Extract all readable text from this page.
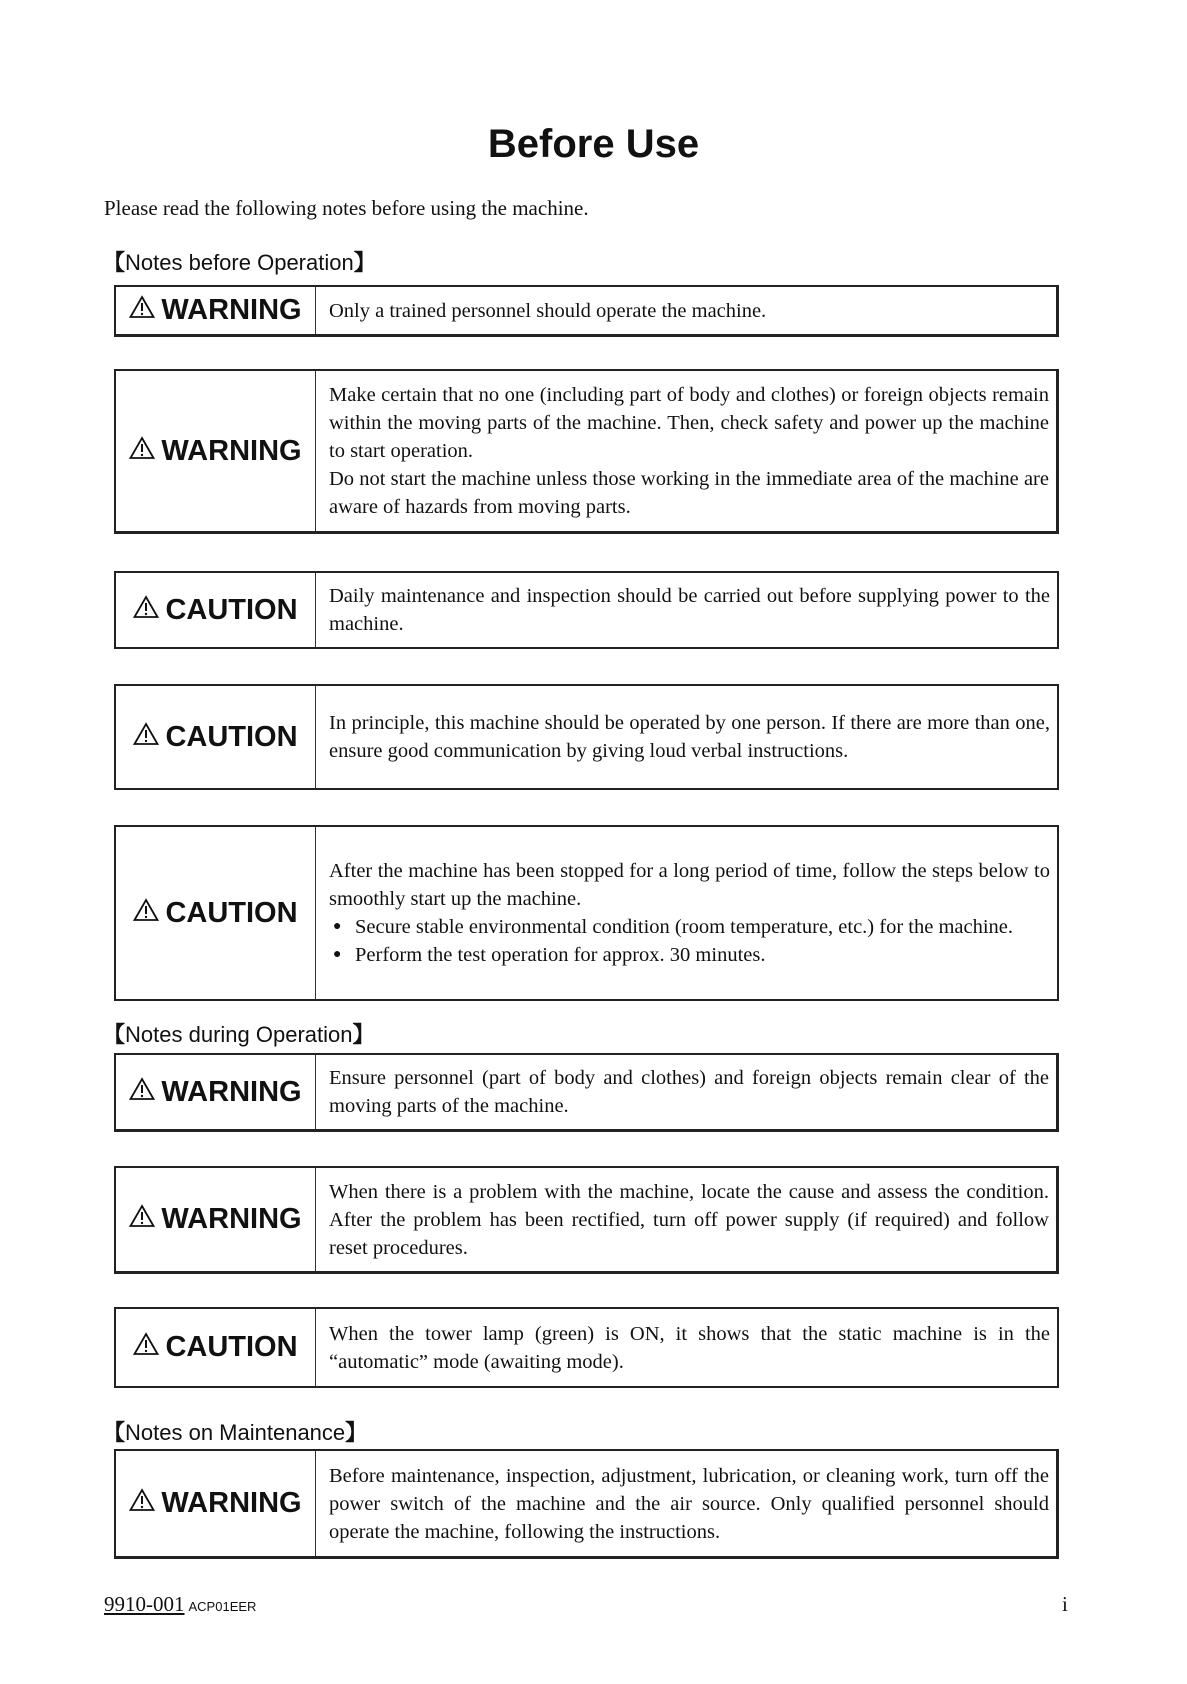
Before Use
Please read the following notes before using the machine.
【Notes before Operation】
WARNING Only a trained personnel should operate the machine.

WARNING

Make certain that no one (including part of body and clothes) or foreign objects remain within the moving parts of the machine. Then, check safety and power up the machine to start operation.

Do not start the machine unless those working in the immediate area of the machine are aware of hazards from moving parts.

CAUTION Daily maintenance and inspection should be carried out before supplying power to the machine.

CAUTION In principle, this machine should be operated by one person. If there are more than one, ensure good communication by giving loud verbal instructions.

CAUTION

After the machine has been stopped for a long period of time, follow the steps below to smoothly start up the machine.

● Secure stable environmental condition (room temperature, etc.) for the machine.
● Perform the test operation for approx. 30 minutes.
【Notes during Operation】
WARNING Ensure personnel (part of body and clothes) and foreign objects remain clear of the moving parts of the machine.

WARNING

When there is a problem with the machine, locate the cause and assess the condition. After the problem has been rectified, turn off power supply (if required) and follow reset procedures.

CAUTION When the tower lamp (green) is ON, it shows that the static machine is in the “automatic” mode (awaiting mode).

【Notes on Maintenance】
WARNING

Before maintenance, inspection, adjustment, lubrication, or cleaning work, turn off the power switch of the machine and the air source. Only qualified personnel should operate the machine, following the instructions.

9910-001 ACP01EER	i
